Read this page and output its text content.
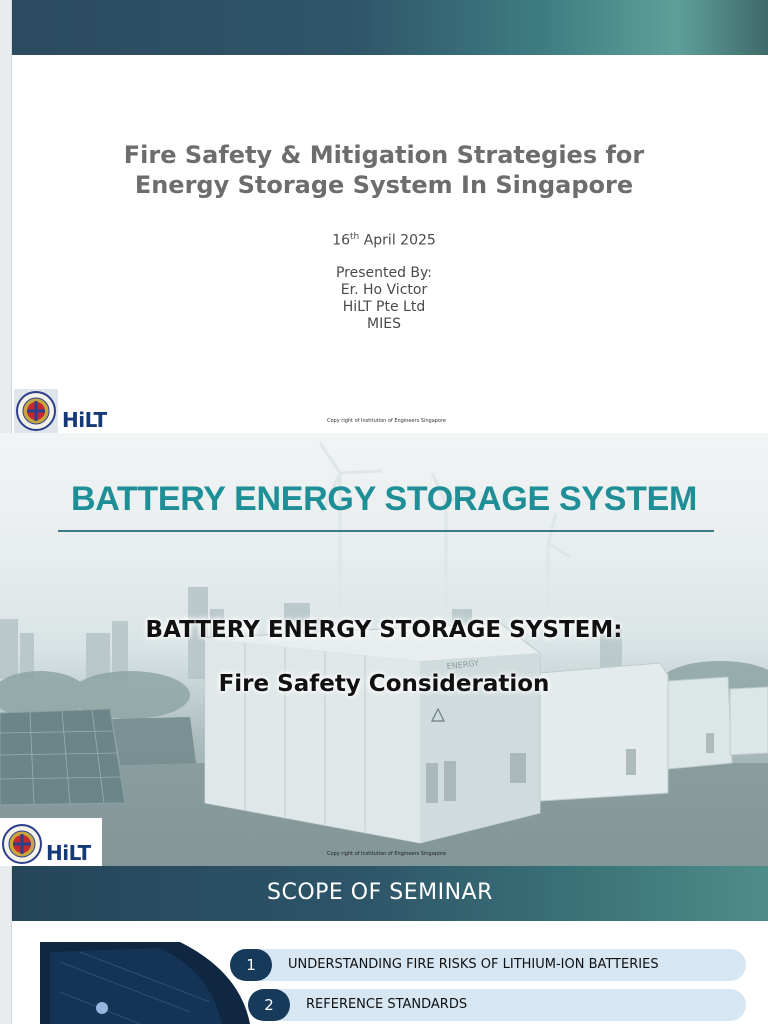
Fire Safety & Mitigation Strategies for
Energy Storage System In Singapore
16th April 2025
Presented By:
Er. Ho Victor
HiLT Pte Ltd
MIES
HiLT	Copy right of Institution of Engineers Singapore
ENERGY
BATTERY ENERGY STORAGE SYSTEM
BATTERY ENERGY STORAGE SYSTEM:
Fire Safety Consideration
HiLT	Copy right of Institution of Engineers Singapore
SCOPE OF SEMINAR
1	UNDERSTANDING FIRE RISKS OF LITHIUM-ION BATTERIES
2	REFERENCE STANDARDS
